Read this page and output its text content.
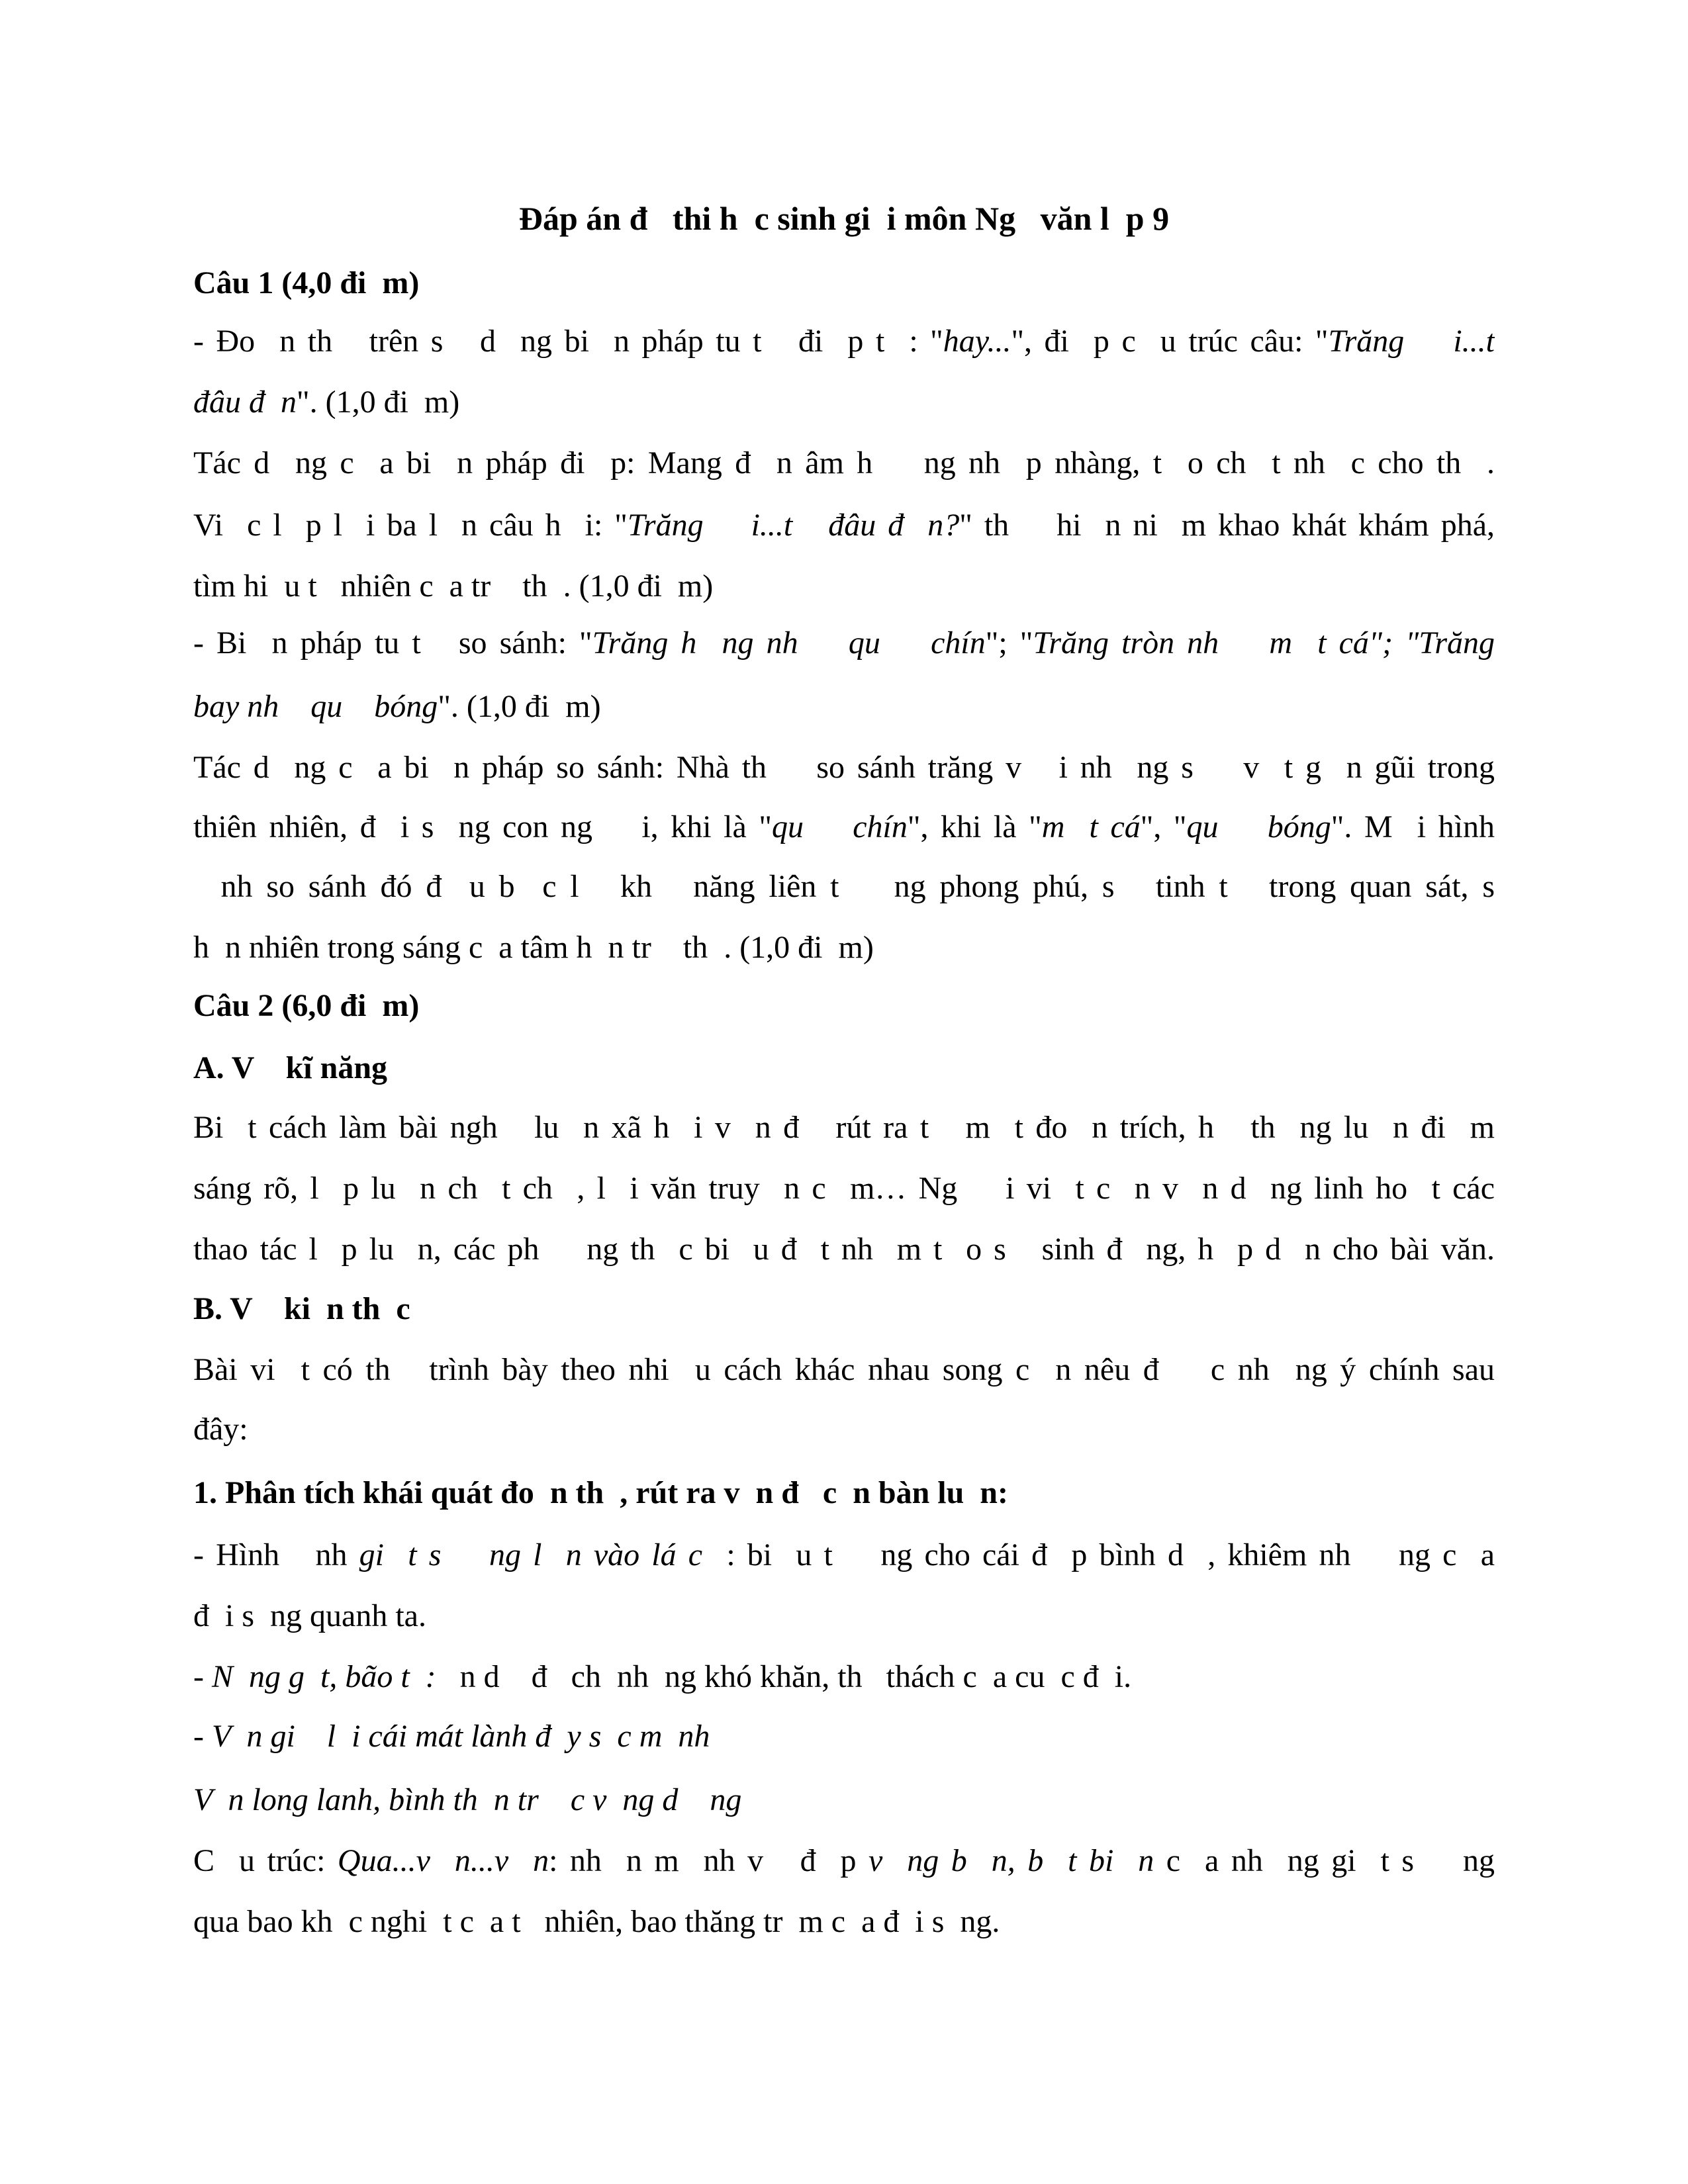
Đáp án đ   thi h  c sinh gi  i môn Ng   văn l  p 9
Câu 1 (4,0 đi  m)
- Đo  n th   trên s   d  ng bi  n pháp tu t   đi  p t  : "hay...", đi  p c  u trúc câu: "Trăng    i...t
đâu đ  n". (1,0 đi  m)
Tác d  ng c  a bi  n pháp đi  p: Mang đ  n âm h    ng nh  p nhàng, t  o ch  t nh  c cho th  .
Vi  c l  p l  i ba l  n câu h  i: "Trăng    i...t   đâu đ  n?" th    hi  n ni  m khao khát khám phá,
tìm hi  u t   nhiên c  a tr    th  . (1,0 đi  m)
- Bi  n pháp tu t   so sánh: "Trăng h  ng nh    qu    chín"; "Trăng tròn nh    m  t cá"; "Trăng
bay nh    qu    bóng". (1,0 đi  m)
Tác d  ng c  a bi  n pháp so sánh: Nhà th    so sánh trăng v   i nh  ng s    v  t g  n gũi trong
thiên nhiên, đ  i s  ng con ng    i, khi là "qu    chín", khi là "m  t cá", "qu    bóng". M  i hình
nh so sánh đó đ  u b  c l   kh   năng liên t    ng phong phú, s   tinh t   trong quan sát, s
h  n nhiên trong sáng c  a tâm h  n tr    th  . (1,0 đi  m)
Câu 2 (6,0 đi  m)
A. V    kĩ năng
Bi  t cách làm bài ngh   lu  n xã h  i v  n đ   rút ra t   m  t đo  n trích, h   th  ng lu  n đi  m
sáng rõ, l  p lu  n ch  t ch  , l  i văn truy  n c  m… Ng    i vi  t c  n v  n d  ng linh ho  t các
thao tác l  p lu  n, các ph    ng th  c bi  u đ  t nh  m t  o s   sinh đ  ng, h  p d  n cho bài văn.
B. V    ki  n th  c
Bài vi  t có th   trình bày theo nhi  u cách khác nhau song c  n nêu đ    c nh  ng ý chính sau
đây:
1. Phân tích khái quát đo  n th  , rút ra v  n đ   c  n bàn lu  n:
- Hình   nh gi  t s    ng l  n vào lá c  : bi  u t    ng cho cái đ  p bình d  , khiêm nh    ng c  a
đ  i s  ng quanh ta.
- N  ng g  t, bão t  :   n d    đ   ch  nh  ng khó khăn, th   thách c  a cu  c đ  i.
- V  n gi    l  i cái mát lành đ  y s  c m  nh
V  n long lanh, bình th  n tr    c v  ng d    ng
C  u trúc: Qua...v  n...v  n: nh  n m  nh v   đ  p v  ng b  n, b  t bi  n c  a nh  ng gi  t s    ng
qua bao kh  c nghi  t c  a t   nhiên, bao thăng tr  m c  a đ  i s  ng.
